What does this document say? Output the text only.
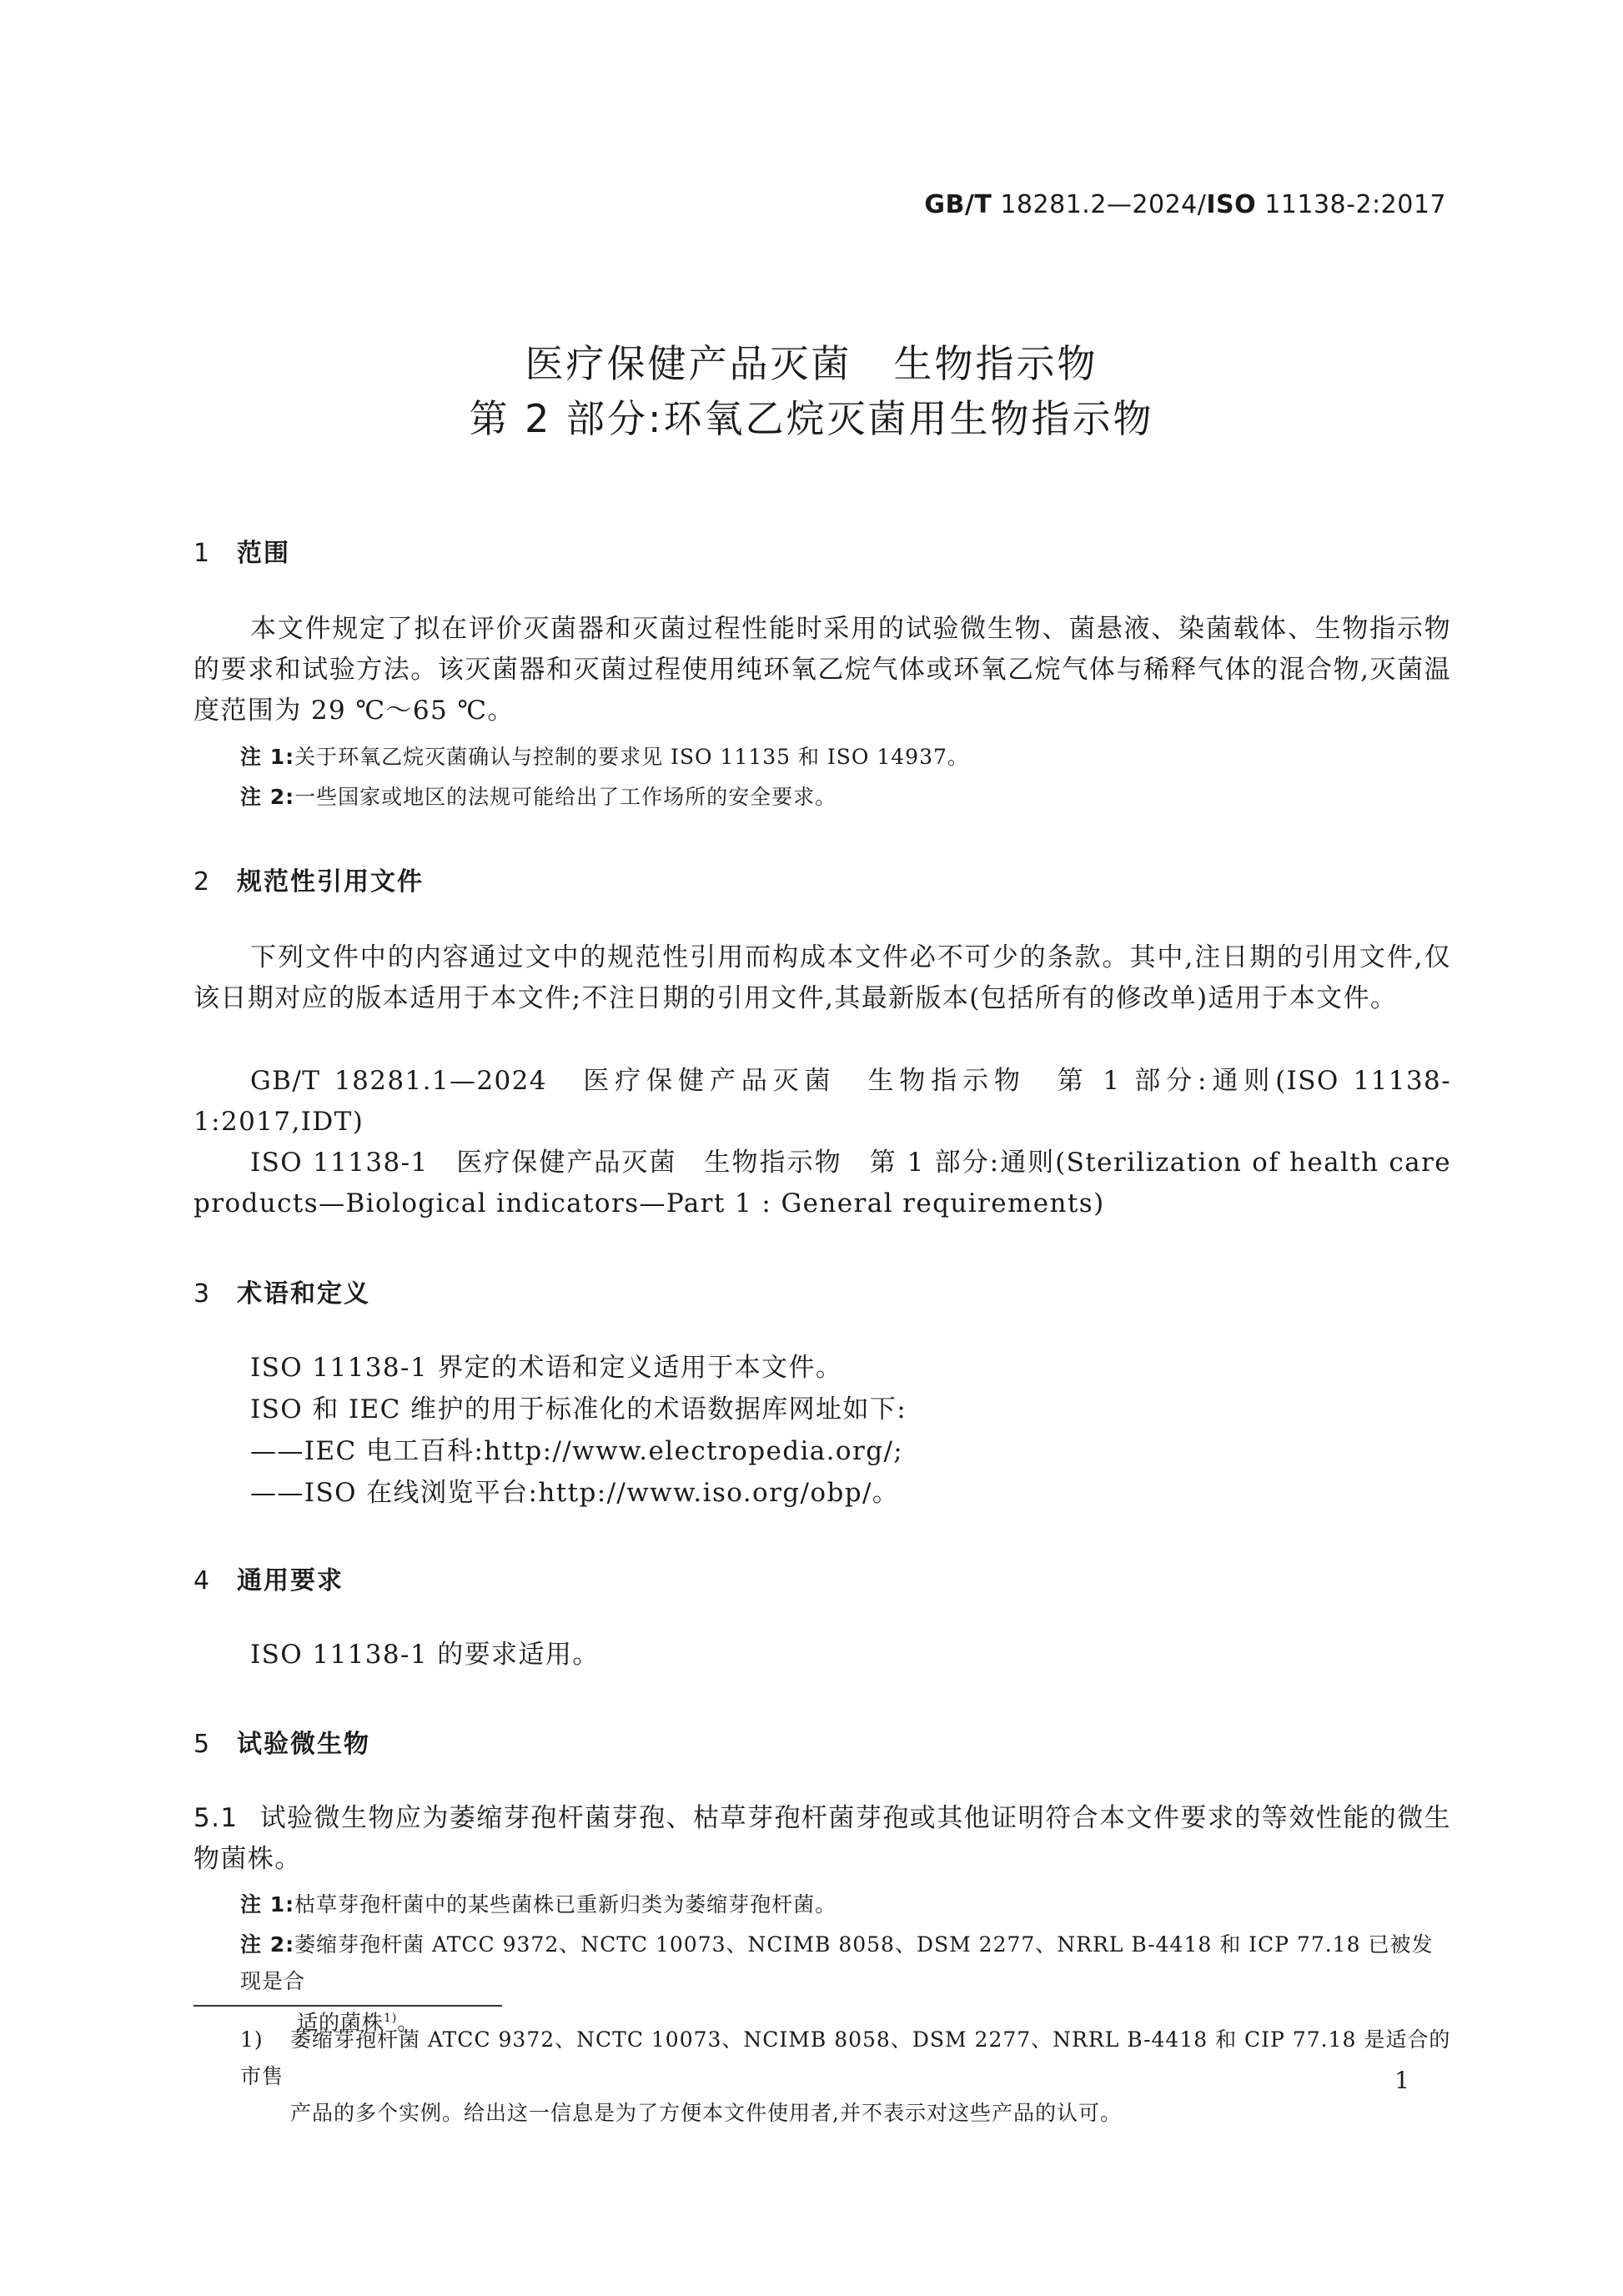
GB/T 18281.2—2024/ISO 11138-2:2017
医疗保健产品灭菌 生物指示物
第 2 部分:环氧乙烷灭菌用生物指示物
1 范围
本文件规定了拟在评价灭菌器和灭菌过程性能时采用的试验微生物、菌悬液、染菌载体、生物指示物的要求和试验方法。该灭菌器和灭菌过程使用纯环氧乙烷气体或环氧乙烷气体与稀释气体的混合物,灭菌温度范围为 29 ℃～65 ℃。
注 1:关于环氧乙烷灭菌确认与控制的要求见 ISO 11135 和 ISO 14937。
注 2:一些国家或地区的法规可能给出了工作场所的安全要求。
2 规范性引用文件
下列文件中的内容通过文中的规范性引用而构成本文件必不可少的条款。其中,注日期的引用文件,仅该日期对应的版本适用于本文件;不注日期的引用文件,其最新版本(包括所有的修改单)适用于本文件。
GB/T 18281.1—2024　医疗保健产品灭菌　生物指示物　第 1 部分:通则(ISO 11138-1:2017,IDT)
ISO 11138-1　医疗保健产品灭菌　生物指示物　第 1 部分:通则(Sterilization of health care products—Biological indicators—Part 1 : General requirements)
3 术语和定义
ISO 11138-1 界定的术语和定义适用于本文件。
ISO 和 IEC 维护的用于标准化的术语数据库网址如下:
——IEC 电工百科:http://www.electropedia.org/;
——ISO 在线浏览平台:http://www.iso.org/obp/。
4 通用要求
ISO 11138-1 的要求适用。
5 试验微生物
5.1 试验微生物应为萎缩芽孢杆菌芽孢、枯草芽孢杆菌芽孢或其他证明符合本文件要求的等效性能的微生物菌株。
注 1:枯草芽孢杆菌中的某些菌株已重新归类为萎缩芽孢杆菌。
注 2:萎缩芽孢杆菌 ATCC 9372、NCTC 10073、NCIMB 8058、DSM 2277、NRRL B-4418 和 ICP 77.18 已被发现是合
适的菌株$^{1)}$。
1) 萎缩芽孢杆菌 ATCC 9372、NCTC 10073、NCIMB 8058、DSM 2277、NRRL B-4418 和 CIP 77.18 是适合的市售
产品的多个实例。给出这一信息是为了方便本文件使用者,并不表示对这些产品的认可。
1
